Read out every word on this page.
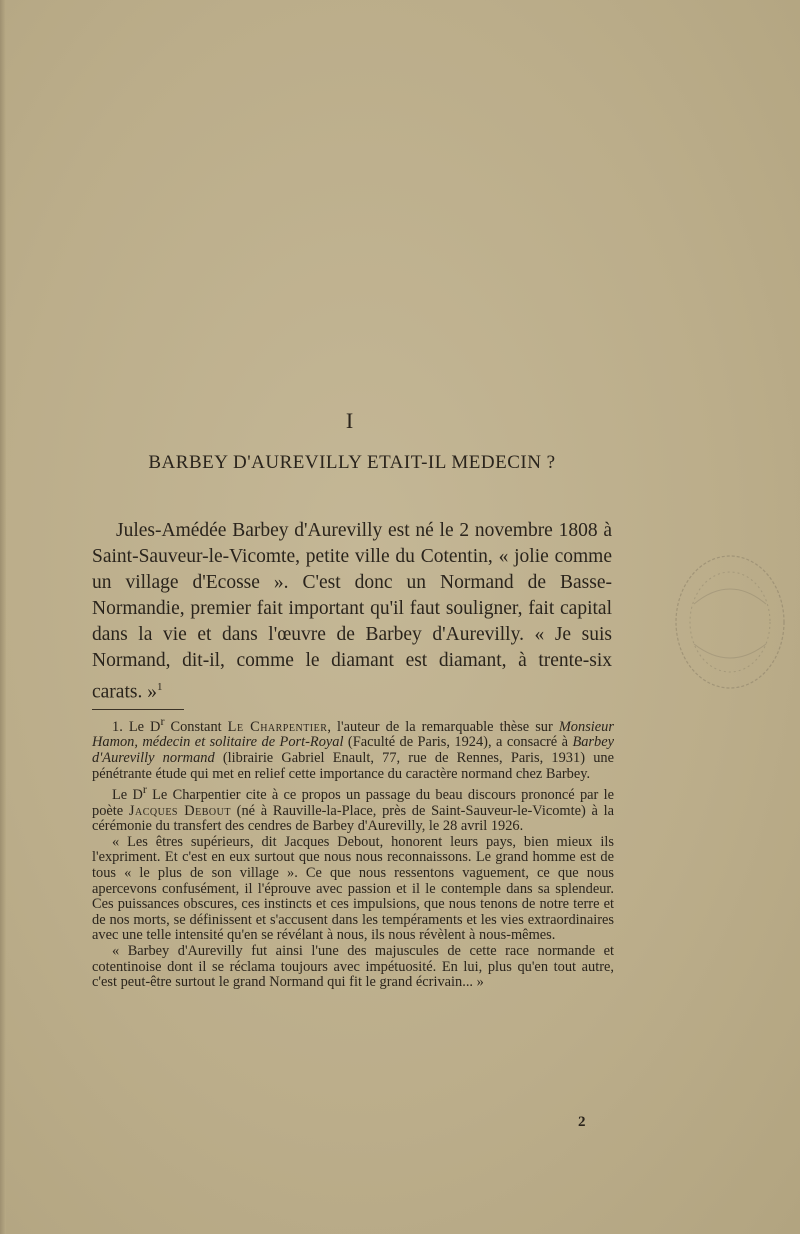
I
BARBEY D'AUREVILLY ETAIT-IL MEDECIN ?
Jules-Amédée Barbey d'Aurevilly est né le 2 novembre 1808 à Saint-Sauveur-le-Vicomte, petite ville du Cotentin, « jolie comme un village d'Ecosse ». C'est donc un Normand de Basse-Normandie, premier fait important qu'il faut souligner, fait capital dans la vie et dans l'œuvre de Barbey d'Aurevilly. « Je suis Normand, dit-il, comme le diamant est diamant, à trente-six carats. »$^1$

1. Le $D^r$ Constant Le Charpentier, l'auteur de la remarquable thèse sur Monsieur Hamon, médecin et solitaire de Port-Royal (Faculté de Paris, 1924), a consacré à Barbey d'Aurevilly normand (librairie Gabriel Enault, 77, rue de Rennes, Paris, 1931) une pénétrante étude qui met en relief cette importance du caractère normand chez Barbey.

Le $D^r$ Le Charpentier cite à ce propos un passage du beau discours prononcé par le poète Jacques Debout (né à Rauville-la-Place, près de Saint-Sauveur-le-Vicomte) à la cérémonie du transfert des cendres de Barbey d'Aurevilly, le 28 avril 1926.

« Les êtres supérieurs, dit Jacques Debout, honorent leurs pays, bien mieux ils l'expriment. Et c'est en eux surtout que nous nous reconnaissons. Le grand homme est de tous « le plus de son village ». Ce que nous ressentons vaguement, ce que nous apercevons confusément, il l'éprouve avec passion et il le contemple dans sa splendeur. Ces puissances obscures, ces instincts et ces impulsions, que nous tenons de notre terre et de nos morts, se définissent et s'accusent dans les tempéraments et les vies extraordinaires avec une telle intensité qu'en se révélant à nous, ils nous révèlent à nous-mêmes.

« Barbey d'Aurevilly fut ainsi l'une des majuscules de cette race normande et cotentinoise dont il se réclama toujours avec impétuosité. En lui, plus qu'en tout autre, c'est peut-être surtout le grand Normand qui fit le grand écrivain... »

2
